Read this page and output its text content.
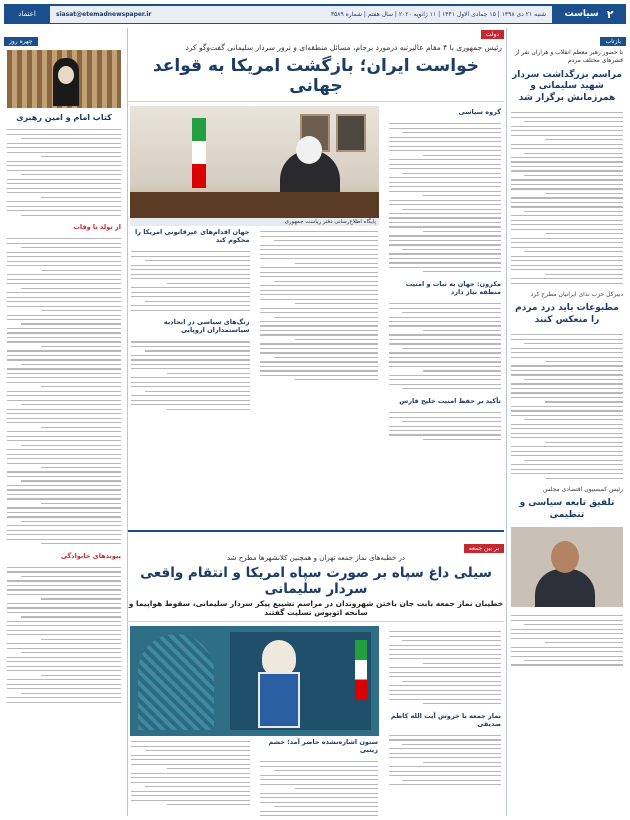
۲
سیاست
siasat@etemadnewspaper.ir	شنبه ۲۱ دی ۱۳۹۸ | ۱۵ جمادی الاول ۱۴۴۱ | ۱۱ ژانویه ۲۰۲۰ | سال هفتم | شماره ۴۵۸۹
اعتماد
بازتاب
با حضور رهبر معظم انقلاب و هزاران نفر از قشرهای مختلف مردم
مراسم بزرگداشت سردار شهید سلیمانی و همرزمانش برگزار شد
دبیرکل حزب ندای ایرانیان مطرح کرد
مطبوعات باید درد مردم را منعکس کنند
رئیس کمیسیون اقتصادی مجلس
تلفیق تابعه سیاسی و تنظیمی
دولت
رئیس جمهوری با ۴ مقام عالیرتبه درمورد برجام، مسائل منطقه‌ای و ترور سردار سلیمانی گفت‌وگو کرد
خواست ایران؛ بازگشت امریکا به قواعد جهانی
گروه سیاسی
مکرون: جهان به ثبات و امنیت منطقه نیاز دارد
تأکید بر حفظ امنیت خلیج فارس
پایگاه اطلاع‌رسانی دفتر ریاست جمهوری
جهان اقدام‌های غیرقانونی امریکا را محکوم کند
زنگ‌های سیاسی در اتحادیه سیاستمداران اروپایی
بر بین جمعه
در خطبه‌های نماز جمعه تهران و همچنین کلانشهرها مطرح شد
سیلی داغ سپاه بر صورت سپاه امریکا و انتقام واقعی سردار سلیمانی
خطیبان نماز جمعه بابت جان باختن شهروندان در مراسم تشییع پیکر سردار سلیمانی، سقوط هواپیما و سانحه اتوبوس تسلیت گفتند
نماز جمعه با خروش آیت الله کاظم صدیقی
ستون اشاره‌نشده حاضر آمد؛ خشم زینبی
چهره روز
کتاب امام و امین رهبری
از تولد تا وفات
پیوندهای خانوادگی
